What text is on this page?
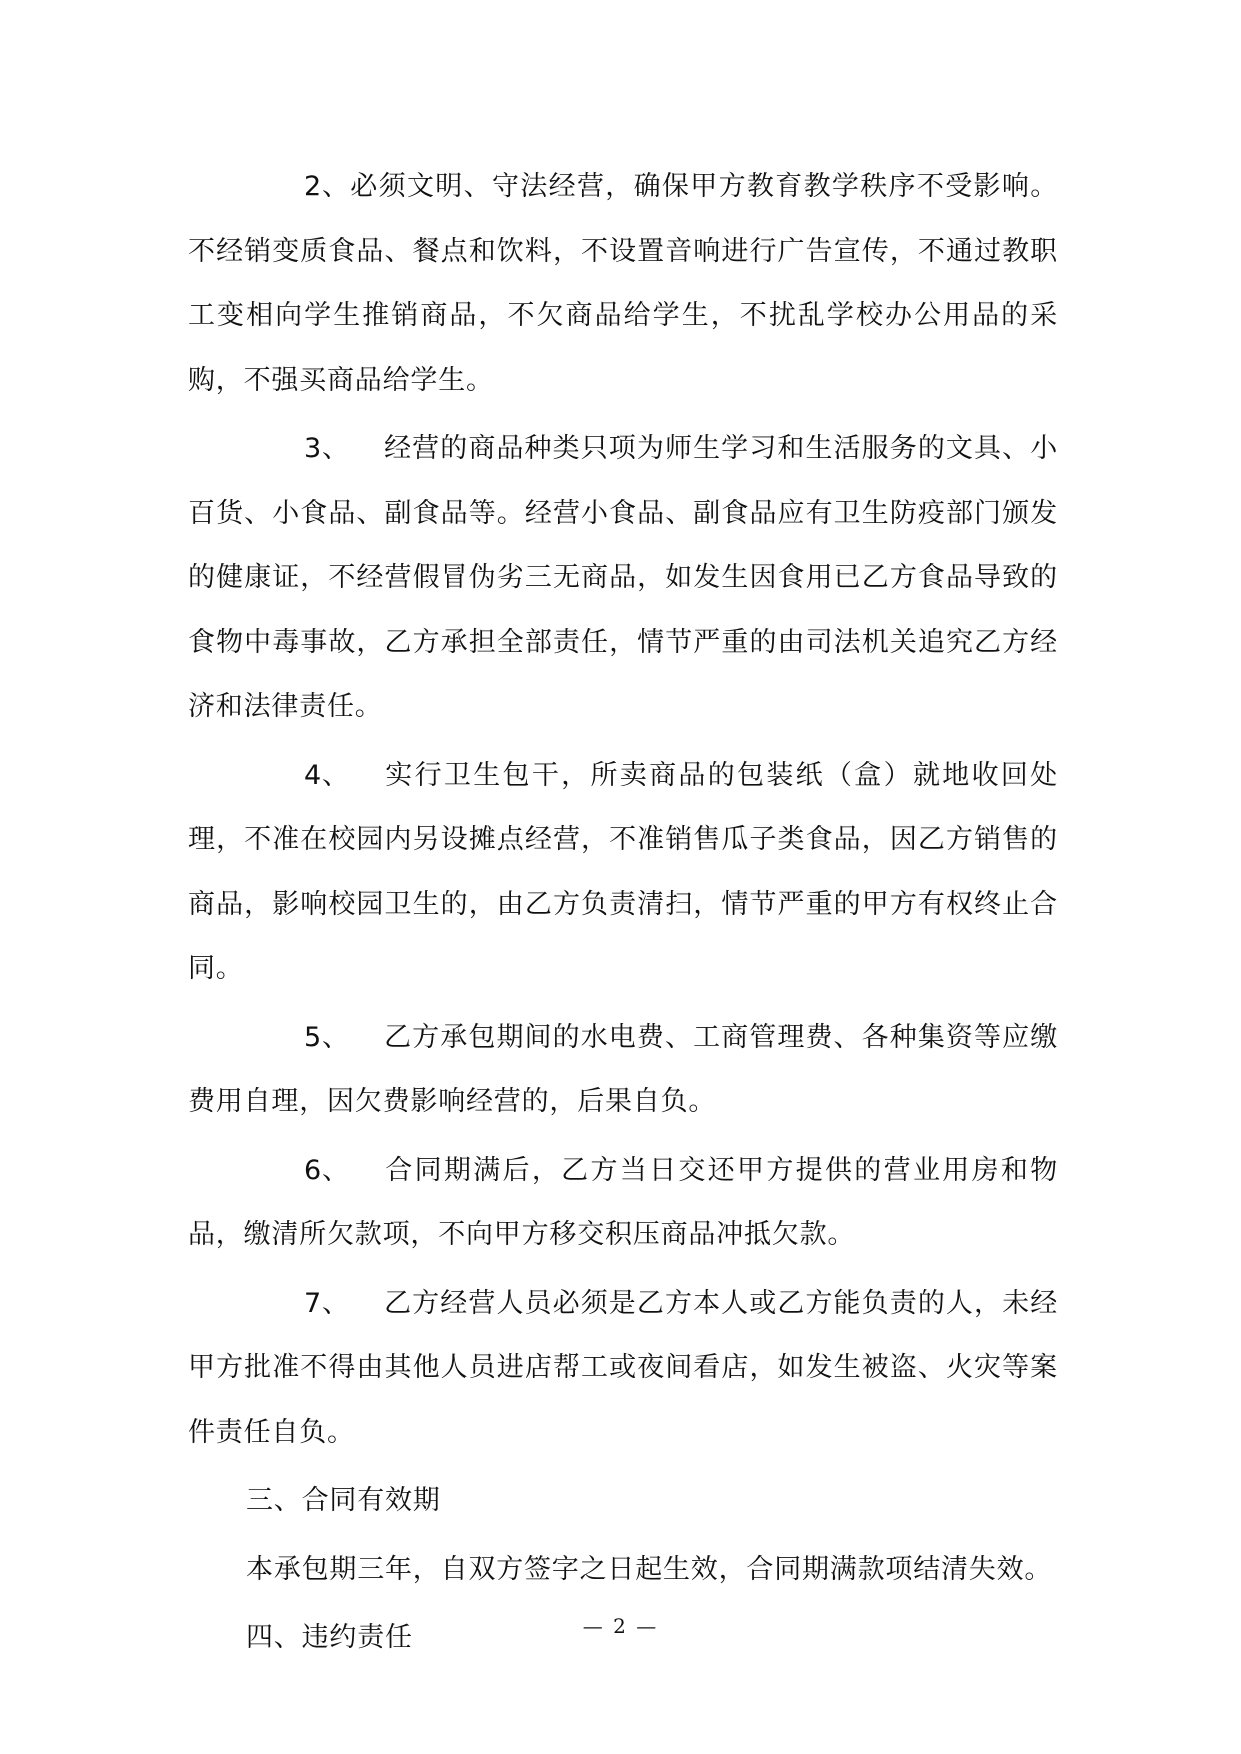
2、必须文明、守法经营，确保甲方教育教学秩序不受影响。不经销变质食品、餐点和饮料，不设置音响进行广告宣传，不通过教职工变相向学生推销商品，不欠商品给学生，不扰乱学校办公用品的采购，不强买商品给学生。

3、 经营的商品种类只项为师生学习和生活服务的文具、小百货、小食品、副食品等。经营小食品、副食品应有卫生防疫部门颁发的健康证，不经营假冒伪劣三无商品，如发生因食用已乙方食品导致的食物中毒事故，乙方承担全部责任，情节严重的由司法机关追究乙方经济和法律责任。

4、 实行卫生包干，所卖商品的包装纸（盒）就地收回处理，不准在校园内另设摊点经营，不准销售瓜子类食品，因乙方销售的商品，影响校园卫生的，由乙方负责清扫，情节严重的甲方有权终止合同。

5、 乙方承包期间的水电费、工商管理费、各种集资等应缴费用自理，因欠费影响经营的，后果自负。

6、 合同期满后，乙方当日交还甲方提供的营业用房和物品，缴清所欠款项，不向甲方移交积压商品冲抵欠款。

7、 乙方经营人员必须是乙方本人或乙方能负责的人，未经甲方批准不得由其他人员进店帮工或夜间看店，如发生被盗、火灾等案件责任自负。

三、合同有效期

本承包期三年，自双方签字之日起生效，合同期满款项结清失效。

四、违约责任	— 2 —
